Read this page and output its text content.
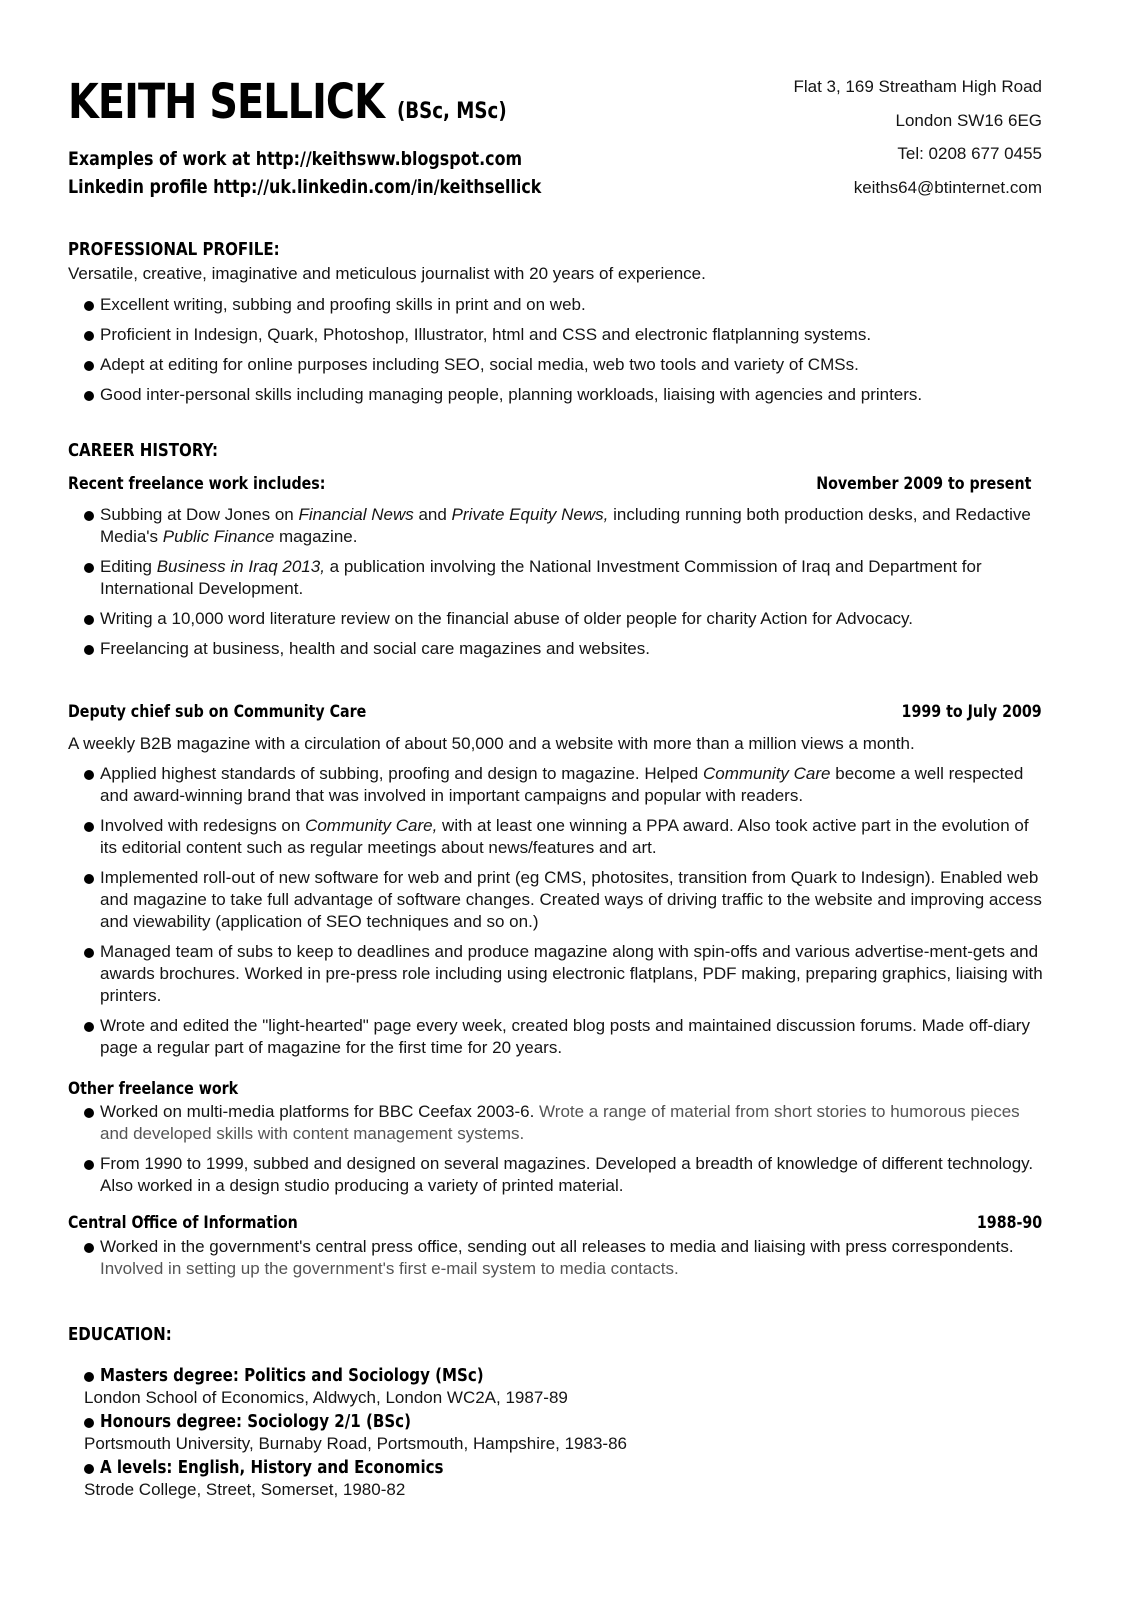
KEITH SELLICK (BSc, MSc)
Examples of work at http://keithsww.blogspot.com
Linkedin profile http://uk.linkedin.com/in/keithsellick
Flat 3, 169 Streatham High Road
London SW16 6EG
Tel: 0208 677 0455
keiths64@btinternet.com
PROFESSIONAL PROFILE:
Versatile, creative, imaginative and meticulous journalist with 20 years of experience.
Excellent writing, subbing and proofing skills in print and on web.
Proficient in Indesign, Quark, Photoshop, Illustrator, html and CSS and electronic flatplanning systems.
Adept at editing for online purposes including SEO, social media, web two tools and variety of CMSs.
Good inter-personal skills including managing people, planning workloads, liaising with agencies and printers.
CAREER HISTORY:
Recent freelance work includes:	November 2009 to present
Subbing at Dow Jones on Financial News and Private Equity News, including running both production desks, and Redactive Media's Public Finance magazine.
Editing Business in Iraq 2013, a publication involving the National Investment Commission of Iraq and Department for International Development.
Writing a 10,000 word literature review on the financial abuse of older people for charity Action for Advocacy.
Freelancing at business, health and social care magazines and websites.
Deputy chief sub on Community Care	1999 to July 2009
A weekly B2B magazine with a circulation of about 50,000 and a website with more than a million views a month.
Applied highest standards of subbing, proofing and design to magazine. Helped Community Care become a well respected and award-winning brand that was involved in important campaigns and popular with readers.
Involved with redesigns on Community Care, with at least one winning a PPA award. Also took active part in the evolution of its editorial content such as regular meetings about news/features and art.
Implemented roll-out of new software for web and print (eg CMS, photosites, transition from Quark to Indesign). Enabled web and magazine to take full advantage of software changes. Created ways of driving traffic to the website and improving access and viewability (application of SEO techniques and so on.)
Managed team of subs to keep to deadlines and produce magazine along with spin-offs and various advertise-ment-gets and awards brochures. Worked in pre-press role including using electronic flatplans, PDF making, preparing graphics, liaising with printers.
Wrote and edited the "light-hearted" page every week, created blog posts and maintained discussion forums. Made off-diary page a regular part of magazine for the first time for 20 years.
Other freelance work
Worked on multi-media platforms for BBC Ceefax 2003-6. Wrote a range of material from short stories to humorous pieces and developed skills with content management systems.
From 1990 to 1999, subbed and designed on several magazines. Developed a breadth of knowledge of different technology. Also worked in a design studio producing a variety of printed material.
Central Office of Information	1988-90
Worked in the government's central press office, sending out all releases to media and liaising with press correspondents. Involved in setting up the government's first e-mail system to media contacts.
EDUCATION:
Masters degree: Politics and Sociology (MSc)
London School of Economics, Aldwych, London WC2A, 1987-89
Honours degree: Sociology 2/1 (BSc)
Portsmouth University, Burnaby Road, Portsmouth, Hampshire, 1983-86
A levels: English, History and Economics
Strode College, Street, Somerset, 1980-82
